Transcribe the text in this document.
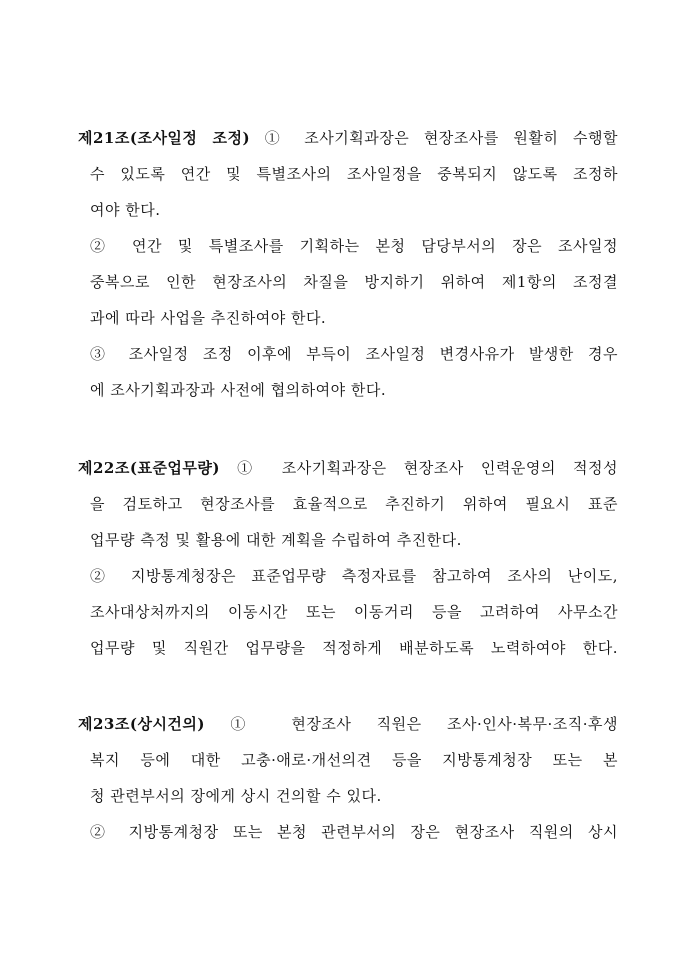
제21조(조사일정 조정) ① 조사기획과장은 현장조사를 원활히 수행할
수 있도록 연간 및 특별조사의 조사일정을 중복되지 않도록 조정하
여야 한다.
② 연간 및 특별조사를 기획하는 본청 담당부서의 장은 조사일정
중복으로 인한 현장조사의 차질을 방지하기 위하여 제1항의 조정결
과에 따라 사업을 추진하여야 한다.
③ 조사일정 조정 이후에 부득이 조사일정 변경사유가 발생한 경우
에 조사기획과장과 사전에 협의하여야 한다.
제22조(표준업무량) ① 조사기획과장은 현장조사 인력운영의 적정성
을 검토하고 현장조사를 효율적으로 추진하기 위하여 필요시 표준
업무량 측정 및 활용에 대한 계획을 수립하여 추진한다.
② 지방통계청장은 표준업무량 측정자료를 참고하여 조사의 난이도,
조사대상처까지의 이동시간 또는 이동거리 등을 고려하여 사무소간
업무량 및 직원간 업무량을 적정하게 배분하도록 노력하여야 한다.
제23조(상시건의) ① 현장조사 직원은 조사·인사·복무·조직·후생
복지 등에 대한 고충·애로·개선의견 등을 지방통계청장 또는 본
청 관련부서의 장에게 상시 건의할 수 있다.
② 지방통계청장 또는 본청 관련부서의 장은 현장조사 직원의 상시
